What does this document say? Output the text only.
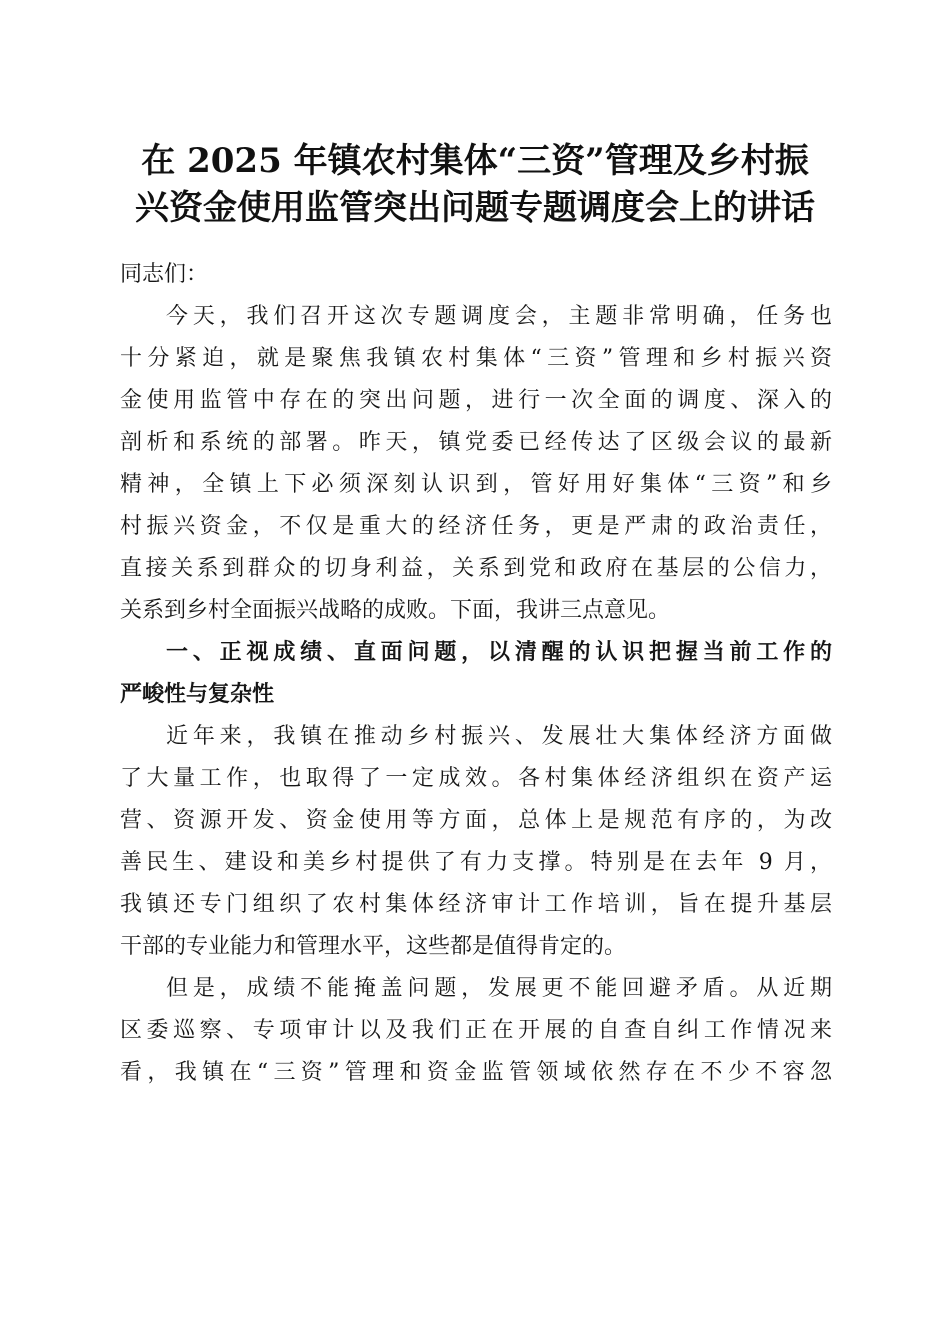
在 2025 年镇农村集体“三资”管理及乡村振
兴资金使用监管突出问题专题调度会上的讲话

同志们：

今天，我们召开这次专题调度会，主题非常明确，任务也
十分紧迫，就是聚焦我镇农村集体“三资”管理和乡村振兴资
金使用监管中存在的突出问题，进行一次全面的调度、深入的
剖析和系统的部署。昨天，镇党委已经传达了区级会议的最新
精神，全镇上下必须深刻认识到，管好用好集体“三资”和乡
村振兴资金，不仅是重大的经济任务，更是严肃的政治责任，
直接关系到群众的切身利益，关系到党和政府在基层的公信力，
关系到乡村全面振兴战略的成败。下面，我讲三点意见。

一、正视成绩、直面问题，以清醒的认识把握当前工作的
严峻性与复杂性

近年来，我镇在推动乡村振兴、发展壮大集体经济方面做
了大量工作，也取得了一定成效。各村集体经济组织在资产运
营、资源开发、资金使用等方面，总体上是规范有序的，为改
善民生、建设和美乡村提供了有力支撑。特别是在去年 9 月，
我镇还专门组织了农村集体经济审计工作培训，旨在提升基层
干部的专业能力和管理水平，这些都是值得肯定的。

但是，成绩不能掩盖问题，发展更不能回避矛盾。从近期
区委巡察、专项审计以及我们正在开展的自查自纠工作情况来
看，我镇在“三资”管理和资金监管领域依然存在不少不容忽
